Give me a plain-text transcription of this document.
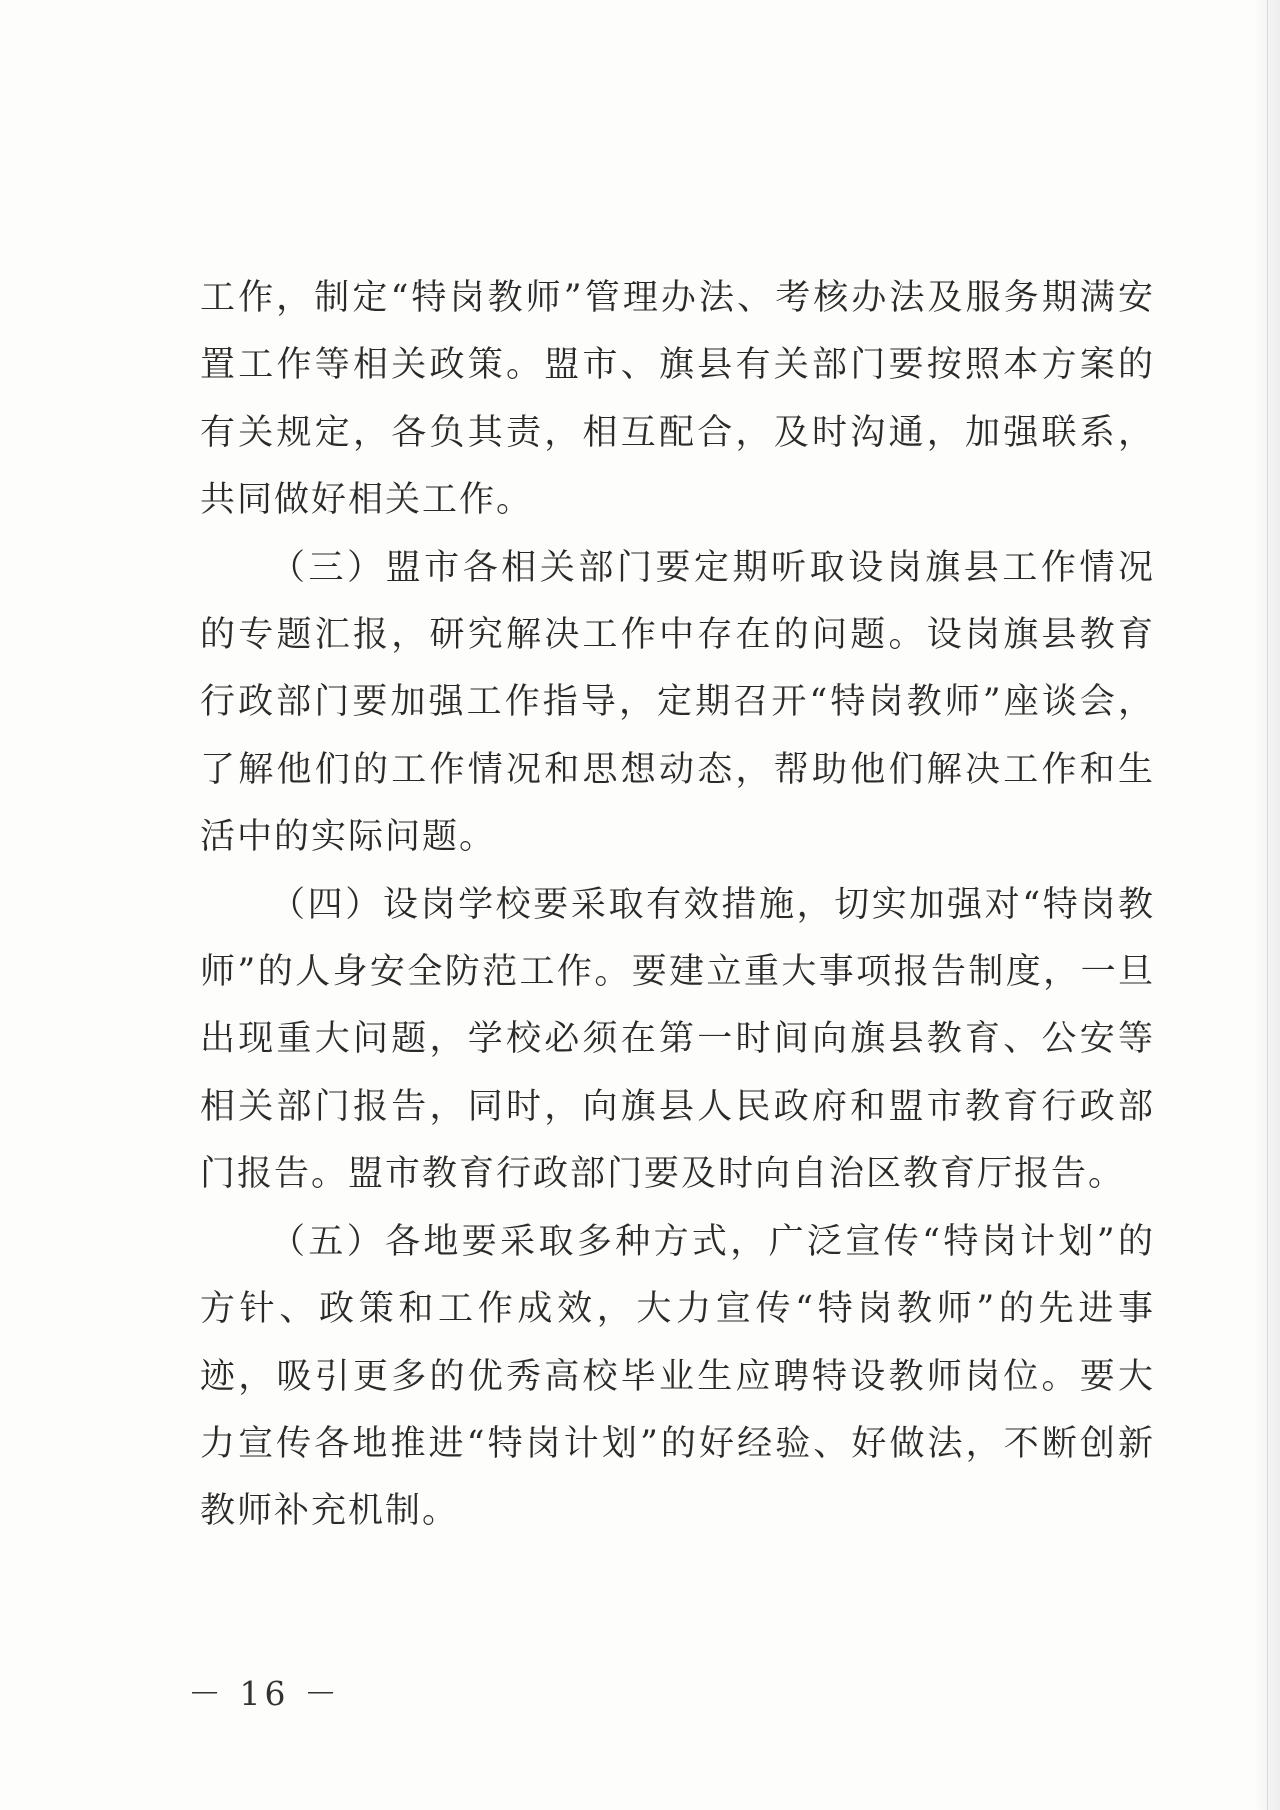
工作，制定“特岗教师”管理办法、考核办法及服务期满安置工作等相关政策。盟市、旗县有关部门要按照本方案的有关规定，各负其责，相互配合，及时沟通，加强联系，共同做好相关工作。

（三）盟市各相关部门要定期听取设岗旗县工作情况的专题汇报，研究解决工作中存在的问题。设岗旗县教育行政部门要加强工作指导，定期召开“特岗教师”座谈会，了解他们的工作情况和思想动态，帮助他们解决工作和生活中的实际问题。

（四）设岗学校要采取有效措施，切实加强对“特岗教师”的人身安全防范工作。要建立重大事项报告制度，一旦出现重大问题，学校必须在第一时间向旗县教育、公安等相关部门报告，同时，向旗县人民政府和盟市教育行政部门报告。盟市教育行政部门要及时向自治区教育厅报告。

（五）各地要采取多种方式，广泛宣传“特岗计划”的方针、政策和工作成效，大力宣传“特岗教师”的先进事迹，吸引更多的优秀高校毕业生应聘特设教师岗位。要大力宣传各地推进“特岗计划”的好经验、好做法，不断创新教师补充机制。

－ 16 －
